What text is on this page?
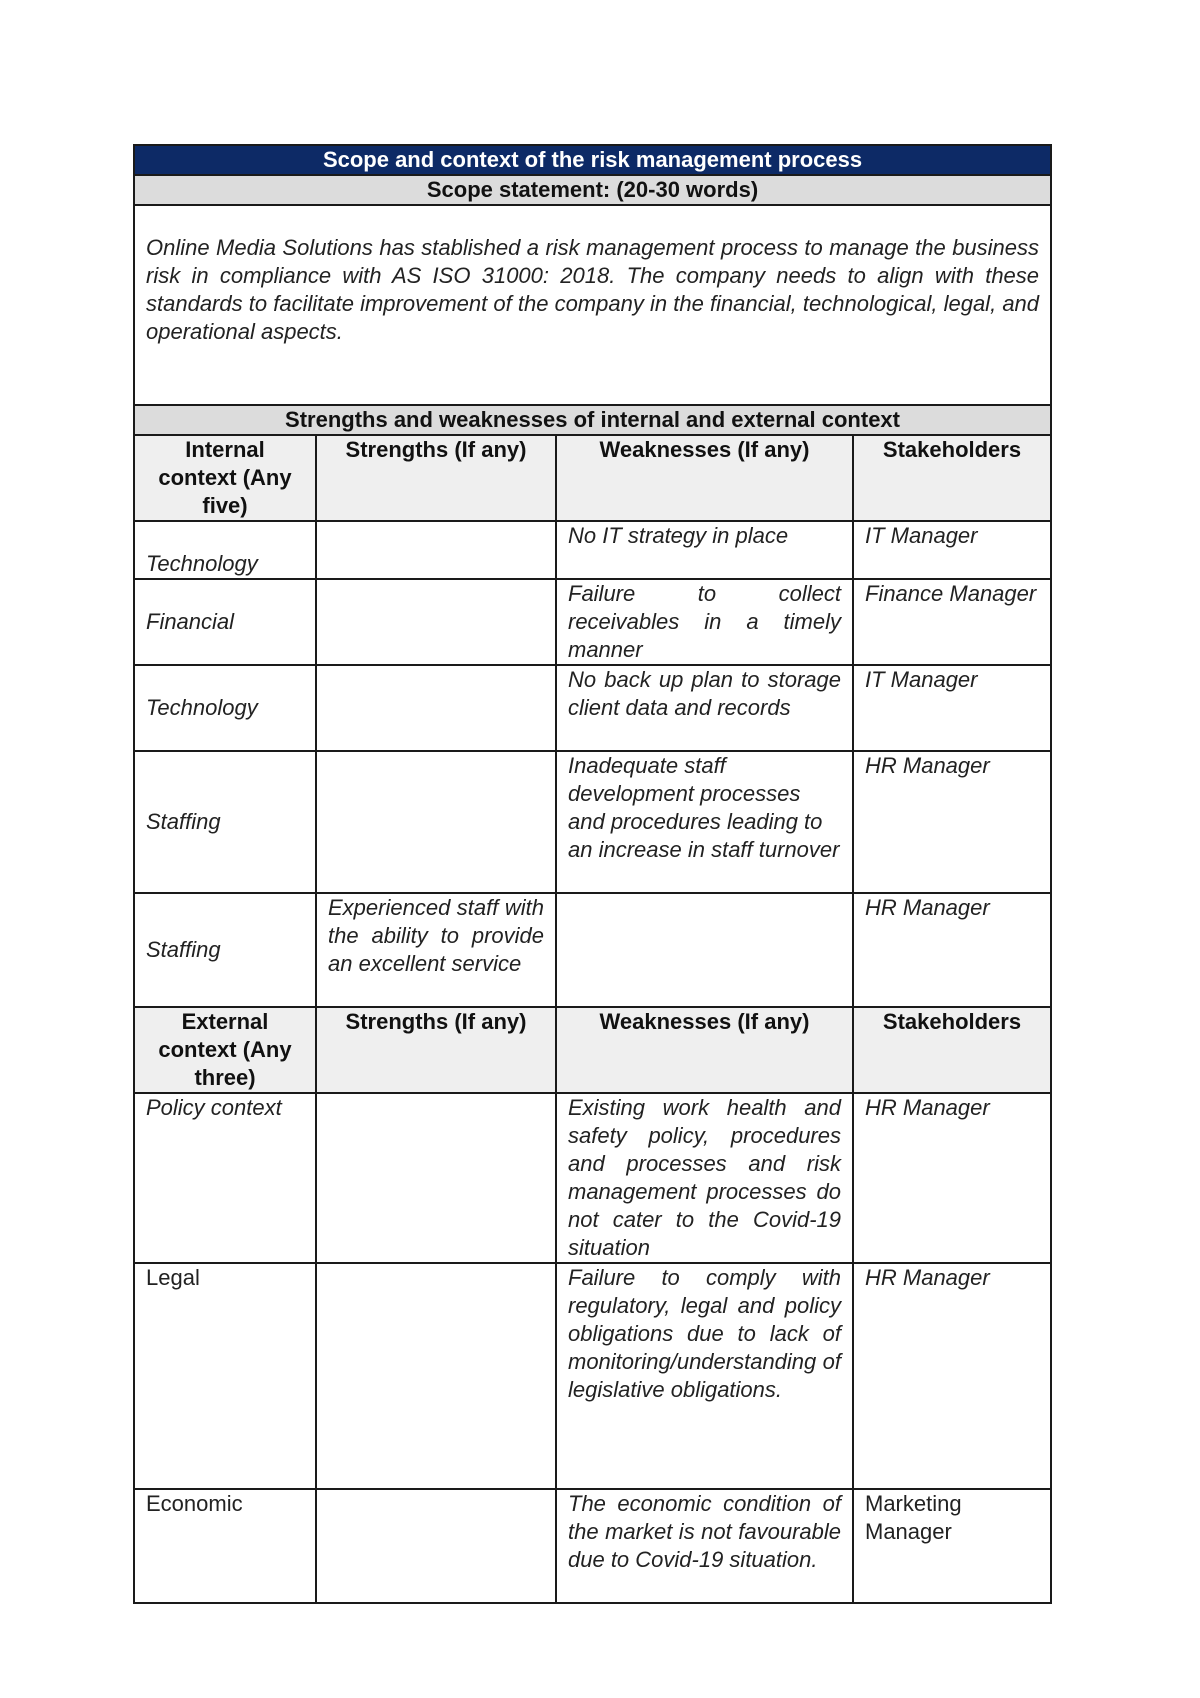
Scope and context of the risk management process			
Scope statement: (20-30 words)			
Online Media Solutions has stablished a risk management process to manage the business risk in compliance with AS ISO 31000: 2018. The company needs to align with these standards to facilitate improvement of the company in the financial, technological, legal, and operational aspects.			
Strengths and weaknesses of internal and external context			
Internal context (Any five)	Strengths (If any)	Weaknesses (If any)	Stakeholders
Technology		No IT strategy in place	IT Manager
Financial		Failure to collect receivables in a timely manner	Finance Manager
Technology		No back up plan to storage client data and records	IT Manager
Staffing		Inadequate staff development processes and procedures leading to an increase in staff turnover	HR Manager
Staffing	Experienced staff with the ability to provide an excellent service		HR Manager
External context (Any three)	Strengths (If any)	Weaknesses (If any)	Stakeholders
Policy context		Existing work health and safety policy, procedures and processes and risk management processes do not cater to the Covid-19 situation	HR Manager
Legal		Failure to comply with regulatory, legal and policy obligations due to lack of monitoring/understanding of legislative obligations.	HR Manager
Economic		The economic condition of the market is not favourable due to Covid-19 situation.	Marketing Manager
